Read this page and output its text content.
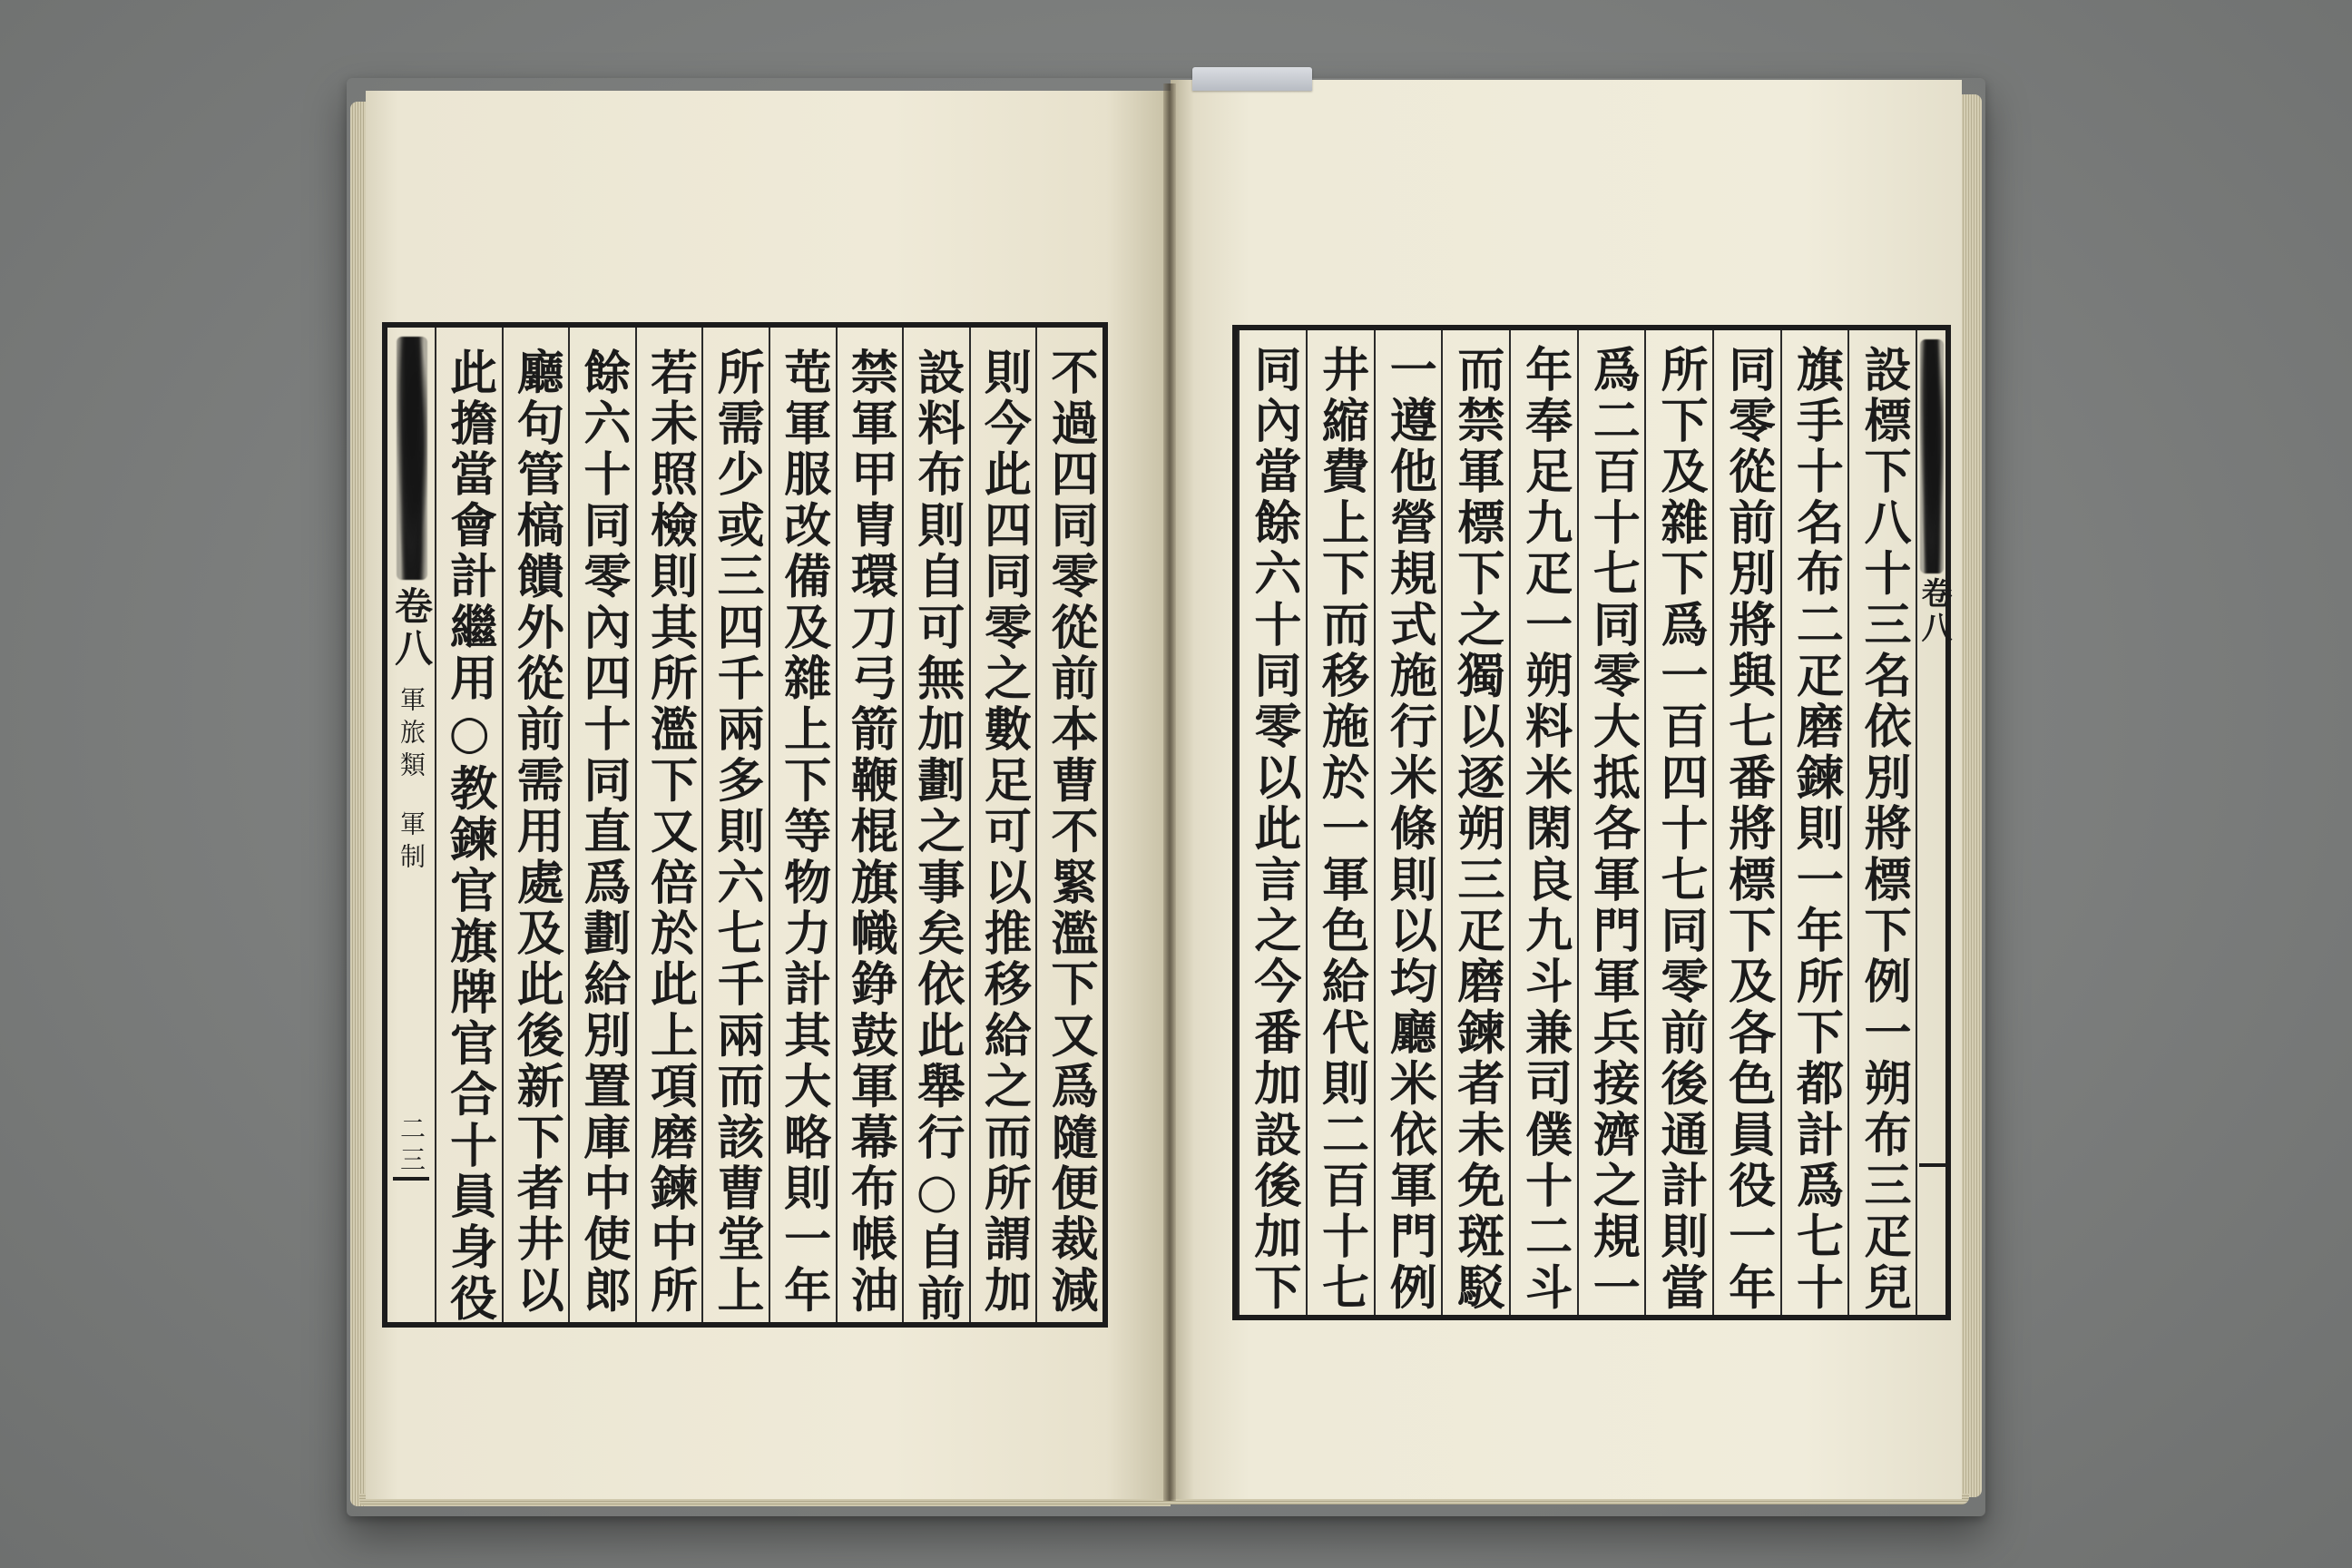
卷八
軍旅類
軍制
二三	不過四同零從前本曹不緊濫下又爲隨便裁減
則今此四同零之數足可以推移給之而所謂加
設料布則自可無加劃之事矣依此舉行○自前
禁軍甲胄環刀弓箭鞭棍旗幟錚鼓軍幕布帳油
芚軍服改備及雜上下等物力計其大略則一年
所需少或三四千兩多則六七千兩而該曹堂上
若未照檢則其所濫下又倍於此上項磨鍊中所
餘六十同零內四十同直爲劃給別置庫中使郎
廳句管槁饋外從前需用處及此後新下者井以
此擔當會計繼用○教鍊官旗牌官合十員身役	設標下八十三名依別將標下例一朔布三疋兒
旗手十名布二疋磨鍊則一年所下都計爲七十
同零從前別將與七番將標下及各色員役一年
所下及雜下爲一百四十七同零前後通計則當
爲二百十七同零大抵各軍門軍兵接濟之規一
年奉足九疋一朔料米閑良九斗兼司僕十二斗
而禁軍標下之獨以逐朔三疋磨鍊者未免斑駁
一遵他營規式施行米條則以均廳米依軍門例
井縮費上下而移施於一軍色給代則二百十七
同內當餘六十同零以此言之今番加設後加下	卷八
